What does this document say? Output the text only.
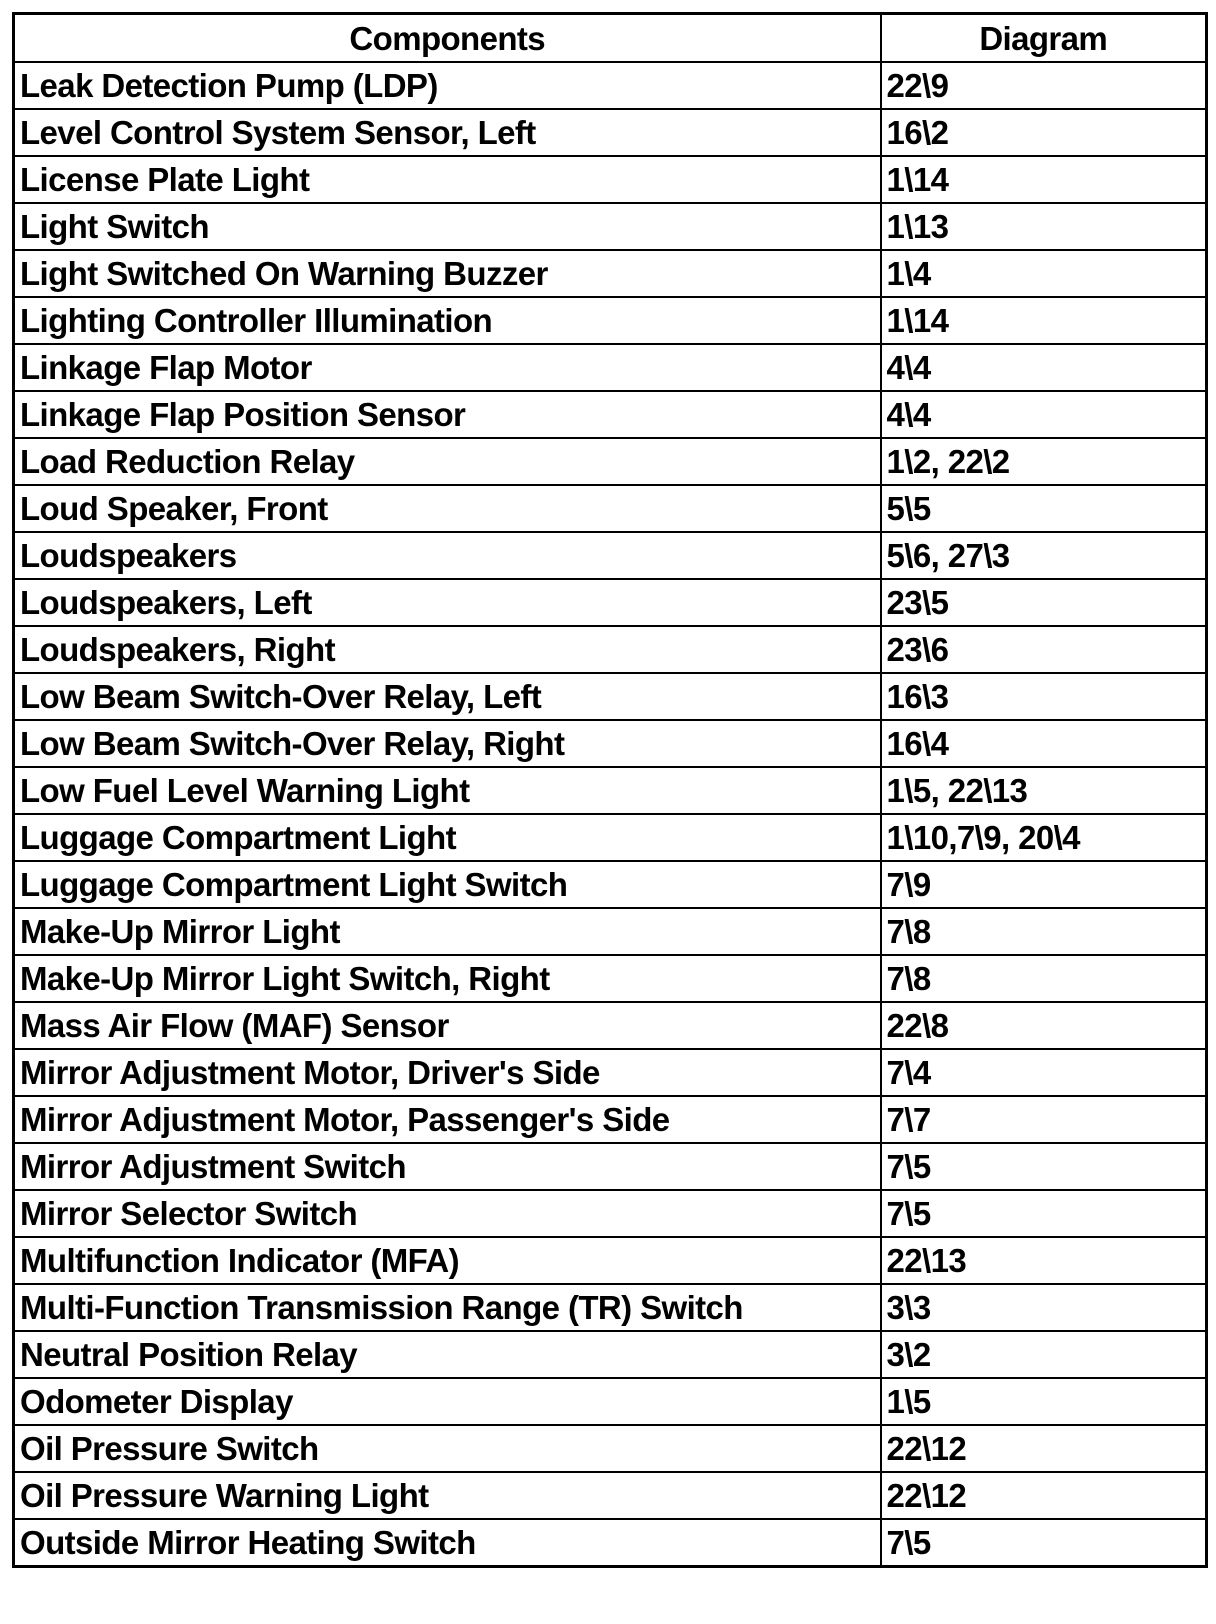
Components	Diagram
Leak Detection Pump (LDP)	22\9
Level Control System Sensor, Left	16\2
License Plate Light	1\14
Light Switch	1\13
Light Switched On Warning Buzzer	1\4
Lighting Controller Illumination	1\14
Linkage Flap Motor	4\4
Linkage Flap Position Sensor	4\4
Load Reduction Relay	1\2, 22\2
Loud Speaker, Front	5\5
Loudspeakers	5\6, 27\3
Loudspeakers, Left	23\5
Loudspeakers, Right	23\6
Low Beam Switch-Over Relay, Left	16\3
Low Beam Switch-Over Relay, Right	16\4
Low Fuel Level Warning Light	1\5, 22\13
Luggage Compartment Light	1\10,7\9, 20\4
Luggage Compartment Light Switch	7\9
Make-Up Mirror Light	7\8
Make-Up Mirror Light Switch, Right	7\8
Mass Air Flow (MAF) Sensor	22\8
Mirror Adjustment Motor, Driver's Side	7\4
Mirror Adjustment Motor, Passenger's Side	7\7
Mirror Adjustment Switch	7\5
Mirror Selector Switch	7\5
Multifunction Indicator (MFA)	22\13
Multi-Function Transmission Range (TR) Switch	3\3
Neutral Position Relay	3\2
Odometer Display	1\5
Oil Pressure Switch	22\12
Oil Pressure Warning Light	22\12
Outside Mirror Heating Switch	7\5
